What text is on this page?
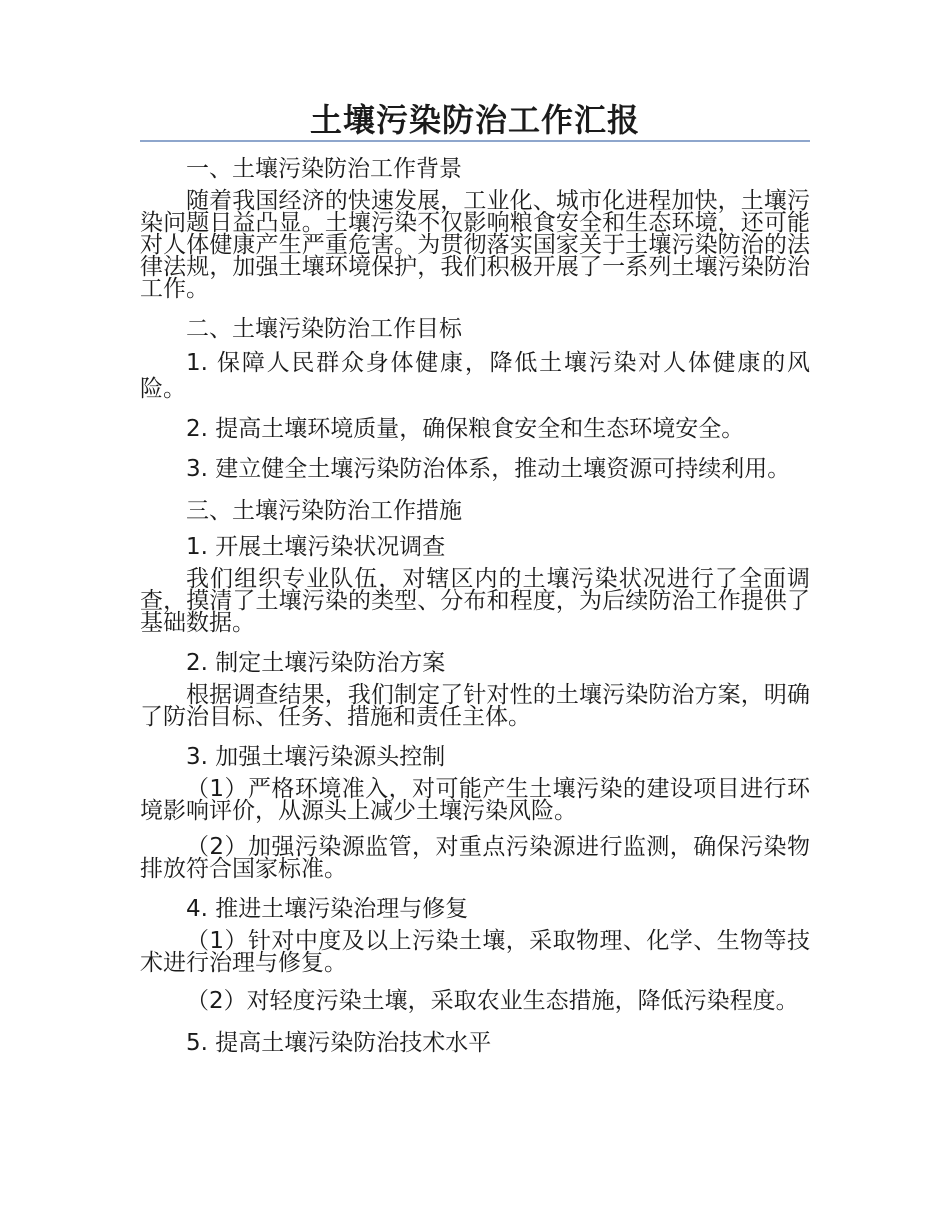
土壤污染防治工作汇报

一、土壤污染防治工作背景

随着我国经济的快速发展，工业化、城市化进程加快，土壤污染问题日益凸显。土壤污染不仅影响粮食安全和生态环境，还可能对人体健康产生严重危害。为贯彻落实国家关于土壤污染防治的法律法规，加强土壤环境保护，我们积极开展了一系列土壤污染防治工作。

二、土壤污染防治工作目标

1. 保障人民群众身体健康，降低土壤污染对人体健康的风险。

2. 提高土壤环境质量，确保粮食安全和生态环境安全。

3. 建立健全土壤污染防治体系，推动土壤资源可持续利用。

三、土壤污染防治工作措施

1. 开展土壤污染状况调查

我们组织专业队伍，对辖区内的土壤污染状况进行了全面调查，摸清了土壤污染的类型、分布和程度，为后续防治工作提供了基础数据。

2. 制定土壤污染防治方案

根据调查结果，我们制定了针对性的土壤污染防治方案，明确了防治目标、任务、措施和责任主体。

3. 加强土壤污染源头控制

（1）严格环境准入，对可能产生土壤污染的建设项目进行环境影响评价，从源头上减少土壤污染风险。

（2）加强污染源监管，对重点污染源进行监测，确保污染物排放符合国家标准。

4. 推进土壤污染治理与修复

（1）针对中度及以上污染土壤，采取物理、化学、生物等技术进行治理与修复。

（2）对轻度污染土壤，采取农业生态措施，降低污染程度。

5. 提高土壤污染防治技术水平
